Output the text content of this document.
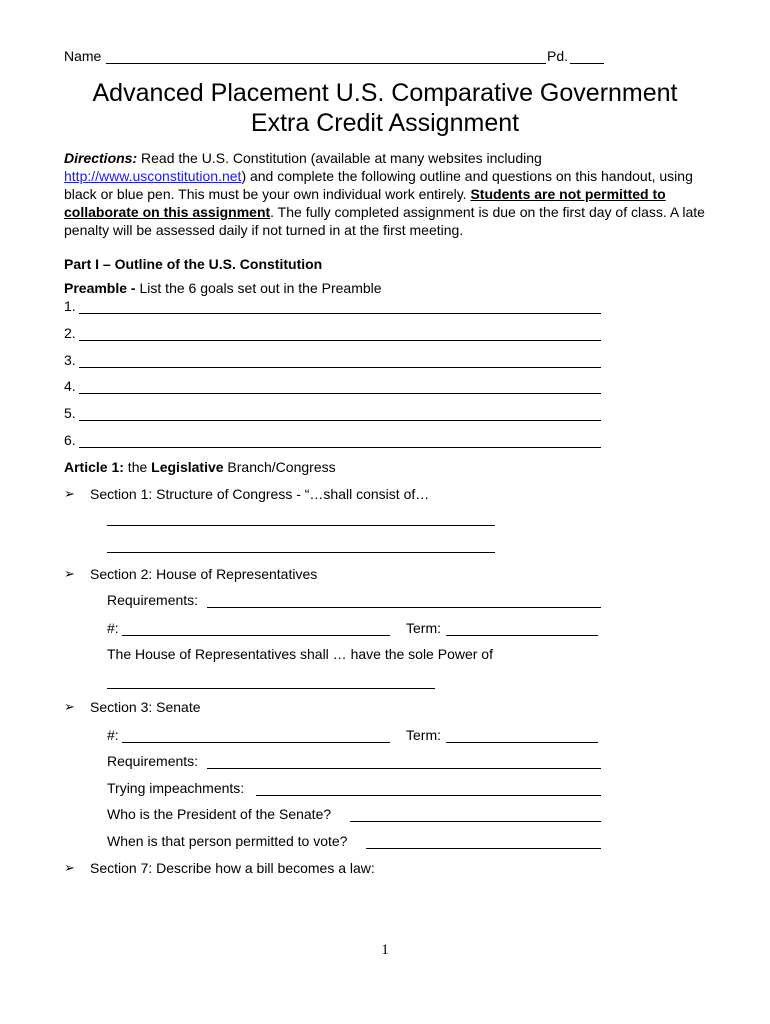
Name	Pd.
Advanced Placement U.S. Comparative Government
Extra Credit Assignment
Directions: Read the U.S. Constitution (available at many websites including http://www.usconstitution.net) and complete the following outline and questions on this handout, using black or blue pen. This must be your own individual work entirely. Students are not permitted to collaborate on this assignment. The fully completed assignment is due on the first day of class. A late penalty will be assessed daily if not turned in at the first meeting.
Part I – Outline of the U.S. Constitution
Preamble - List the 6 goals set out in the Preamble
1.
2.
3.
4.
5.
6.
Article 1: the Legislative Branch/Congress
➢ Section 1: Structure of Congress - “…shall consist of…
➢ Section 2: House of Representatives
Requirements:
#:	Term:
The House of Representatives shall … have the sole Power of
➢ Section 3: Senate
#:	Term:
Requirements:
Trying impeachments:
Who is the President of the Senate?
When is that person permitted to vote?
➢ Section 7: Describe how a bill becomes a law:
1
